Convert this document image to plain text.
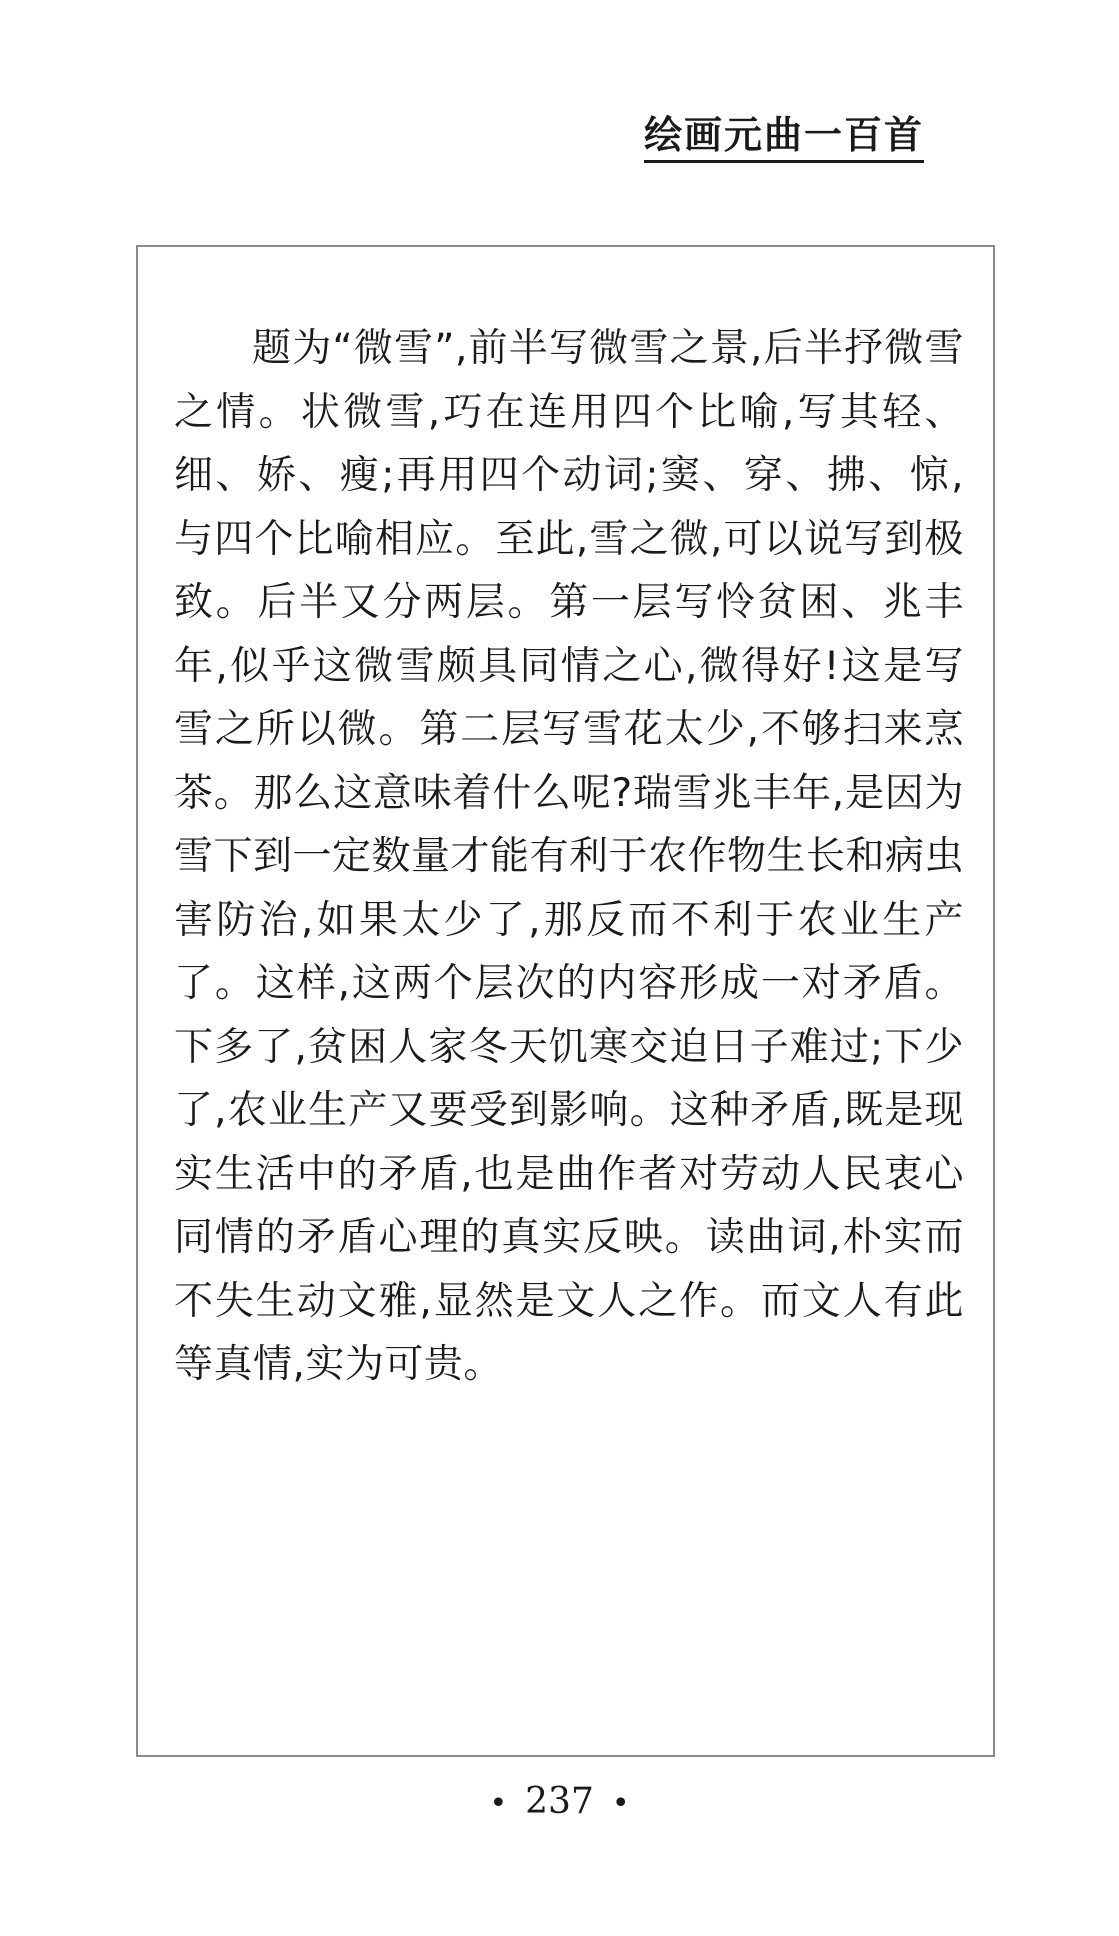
绘画元曲一百首

题为“微雪”,前半写微雪之景,后半抒微雪之情。状微雪,巧在连用四个比喻,写其轻、细、娇、瘦;再用四个动词;窦、穿、拂、惊,与四个比喻相应。至此,雪之微,可以说写到极致。后半又分两层。第一层写怜贫困、兆丰年,似乎这微雪颇具同情之心,微得好!这是写雪之所以微。第二层写雪花太少,不够扫来烹茶。那么这意味着什么呢?瑞雪兆丰年,是因为雪下到一定数量才能有利于农作物生长和病虫害防治,如果太少了,那反而不利于农业生产了。这样,这两个层次的内容形成一对矛盾。下多了,贫困人家冬天饥寒交迫日子难过;下少了,农业生产又要受到影响。这种矛盾,既是现实生活中的矛盾,也是曲作者对劳动人民衷心同情的矛盾心理的真实反映。读曲词,朴实而不失生动文雅,显然是文人之作。而文人有此等真情,实为可贵。

• 237 •
